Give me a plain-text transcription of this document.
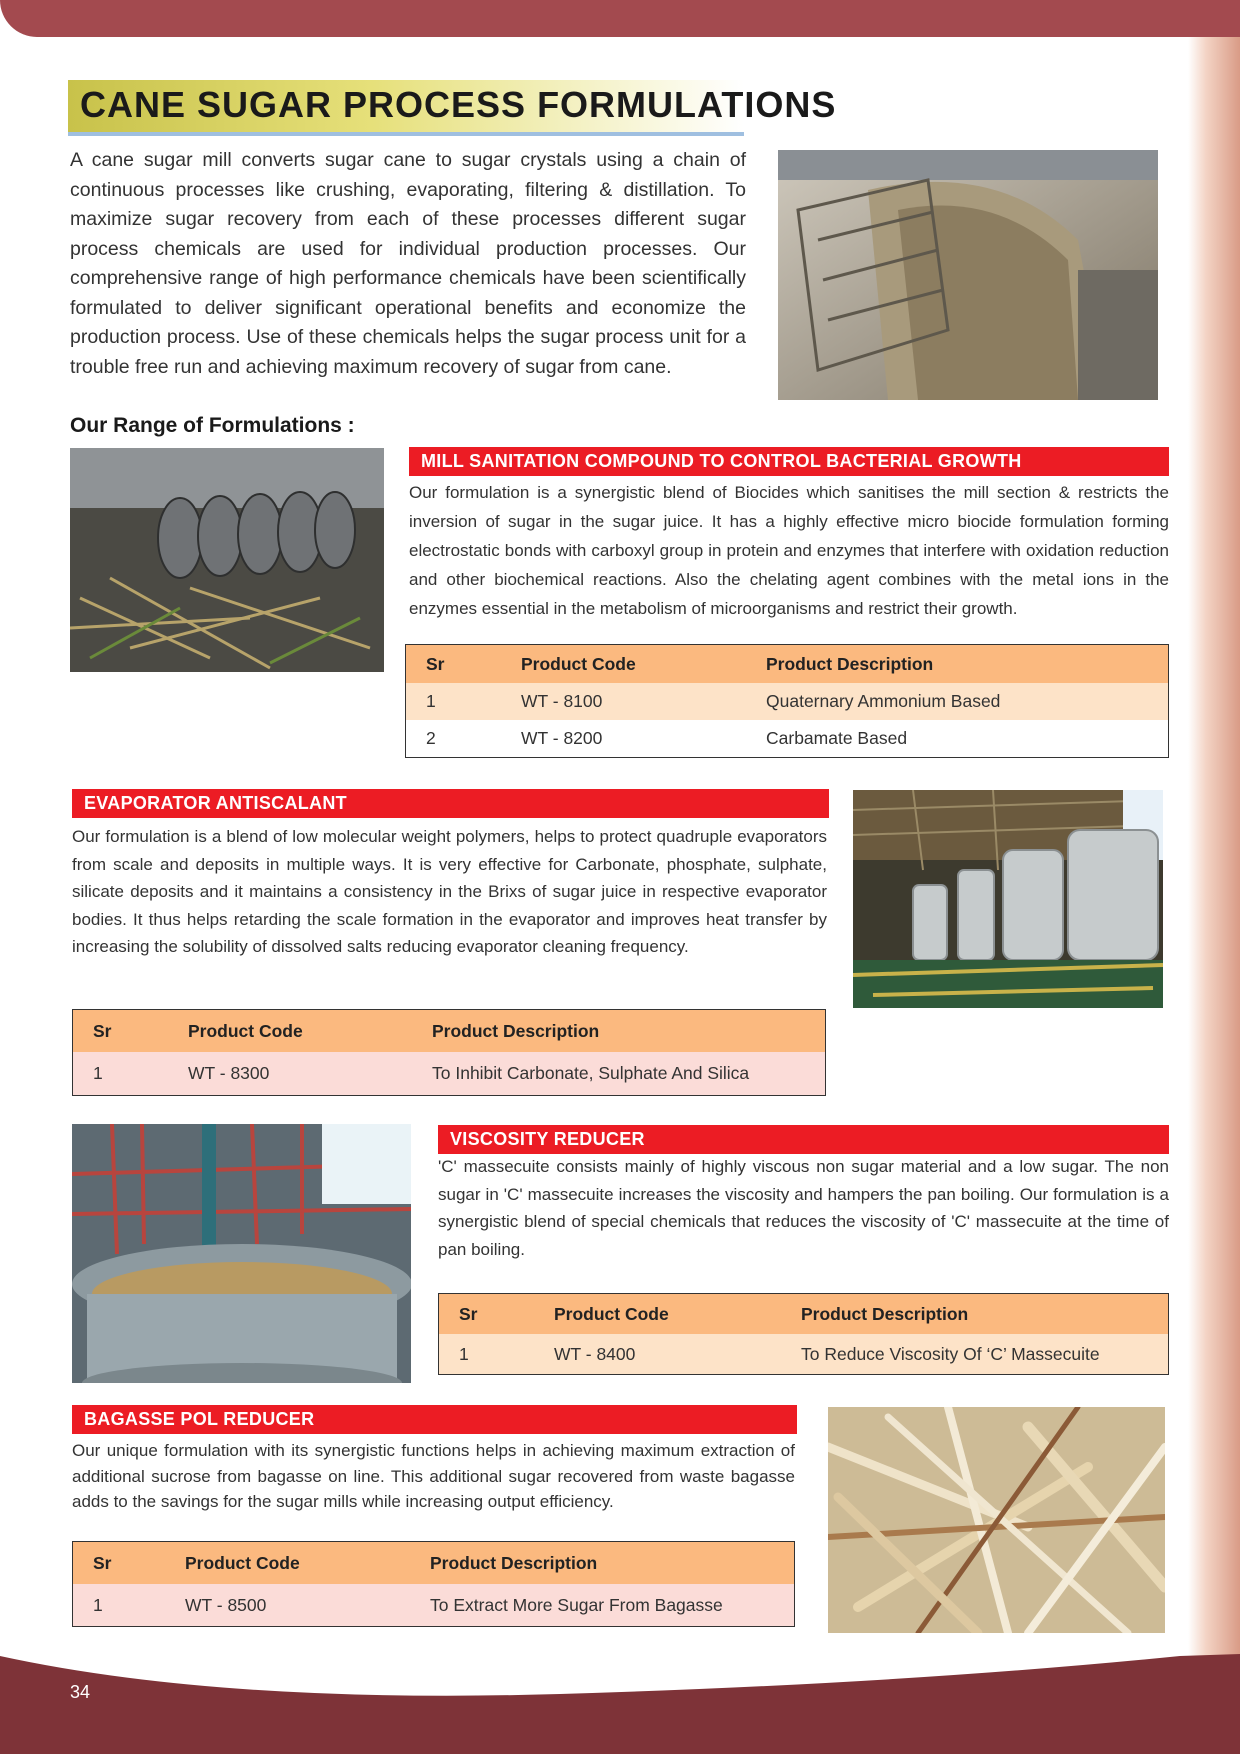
CANE SUGAR PROCESS FORMULATIONS

A cane sugar mill converts sugar cane to sugar crystals using a chain of continuous processes like crushing, evaporating, filtering & distillation. To maximize sugar recovery from each of these processes different sugar process chemicals are used for individual production processes. Our comprehensive range of high performance chemicals have been scientifically formulated to deliver significant operational benefits and economize the production process. Use of these chemicals helps the sugar process unit for a trouble free run and achieving maximum recovery of sugar from cane.

Our Range of Formulations :
MILL SANITATION COMPOUND TO CONTROL BACTERIAL GROWTH

Our formulation is a synergistic blend of Biocides which sanitises the mill section & restricts the inversion of sugar in the sugar juice. It has a highly effective micro biocide formulation forming electrostatic bonds with carboxyl group in protein and enzymes that interfere with oxidation reduction and other biochemical reactions. Also the chelating agent combines with the metal ions in the enzymes essential in the metabolism of microorganisms and restrict their growth.

Sr	Product Code	Product Description
1	WT - 8100	Quaternary Ammonium Based
2	WT - 8200	Carbamate Based
EVAPORATOR ANTISCALANT

Our formulation is a blend of low molecular weight polymers, helps to protect quadruple evaporators from scale and deposits in multiple ways. It is very effective for Carbonate, phosphate, sulphate, silicate deposits and it maintains a consistency in the Brixs of sugar juice in respective evaporator bodies. It thus helps retarding the scale formation in the evaporator and improves heat transfer by increasing the solubility of dissolved salts reducing evaporator cleaning frequency.

Sr	Product Code	Product Description
1	WT - 8300	To Inhibit Carbonate, Sulphate And Silica
VISCOSITY REDUCER

'C' massecuite consists mainly of highly viscous non sugar material and a low sugar. The non sugar in 'C' massecuite increases the viscosity and hampers the pan boiling. Our formulation is a synergistic blend of special chemicals that reduces the viscosity of 'C' massecuite at the time of pan boiling.

Sr	Product Code	Product Description
1	WT - 8400	To Reduce Viscosity Of ‘C’ Massecuite
BAGASSE POL REDUCER

Our unique formulation with its synergistic functions helps in achieving maximum extraction of additional sucrose from bagasse on line. This additional sugar recovered from waste bagasse adds to the savings for the sugar mills while increasing output efficiency.

Sr	Product Code	Product Description
1	WT - 8500	To Extract More Sugar From Bagasse
34
